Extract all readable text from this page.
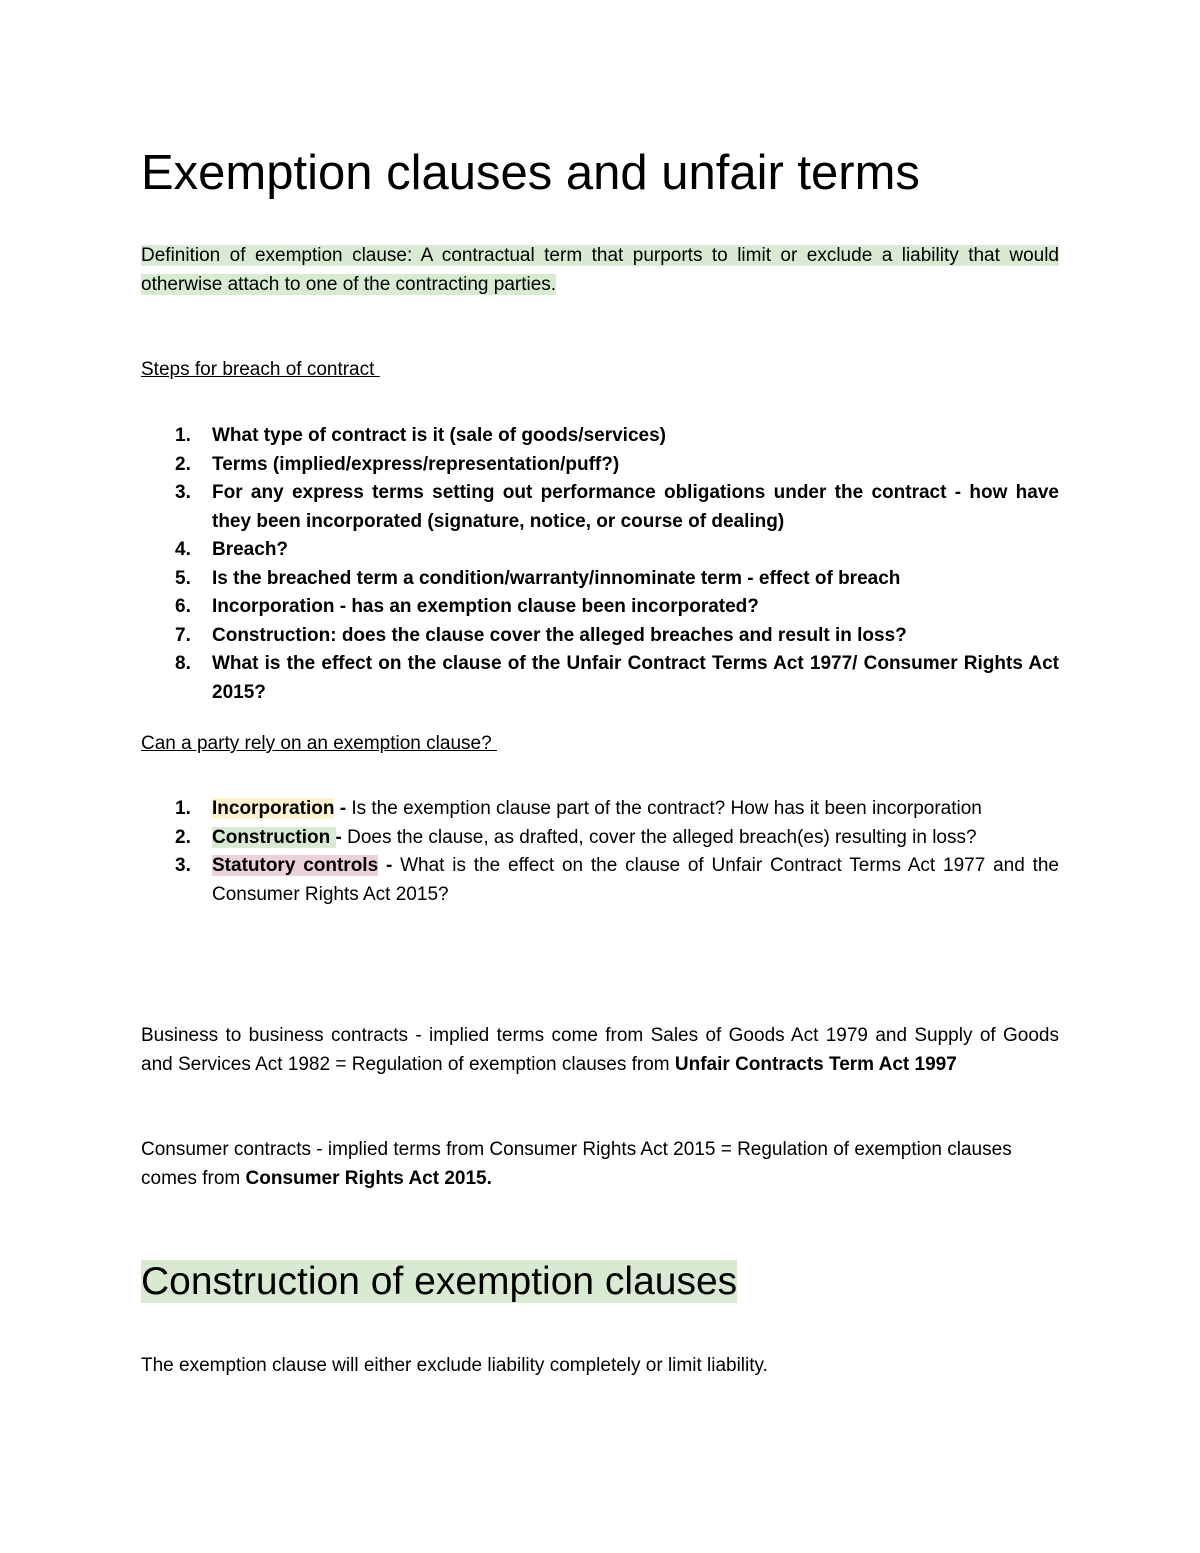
Exemption clauses and unfair terms

Definition of exemption clause: A contractual term that purports to limit or exclude a liability that would otherwise attach to one of the contracting parties.

Steps for breach of contract

1. What type of contract is it (sale of goods/services)
2. Terms (implied/express/representation/puff?)
3. For any express terms setting out performance obligations under the contract - how have they been incorporated (signature, notice, or course of dealing)
4. Breach?
5. Is the breached term a condition/warranty/innominate term - effect of breach
6. Incorporation - has an exemption clause been incorporated?
7. Construction: does the clause cover the alleged breaches and result in loss?
8. What is the effect on the clause of the Unfair Contract Terms Act 1977/ Consumer Rights Act 2015?

Can a party rely on an exemption clause?

1. Incorporation - Is the exemption clause part of the contract? How has it been incorporation
2. Construction - Does the clause, as drafted, cover the alleged breach(es) resulting in loss?
3. Statutory controls - What is the effect on the clause of Unfair Contract Terms Act 1977 and the Consumer Rights Act 2015?

Business to business contracts - implied terms come from Sales of Goods Act 1979 and Supply of Goods and Services Act 1982 = Regulation of exemption clauses from Unfair Contracts Term Act 1997

Consumer contracts - implied terms from Consumer Rights Act 2015 = Regulation of exemption clauses comes from Consumer Rights Act 2015.

Construction of exemption clauses

The exemption clause will either exclude liability completely or limit liability.
